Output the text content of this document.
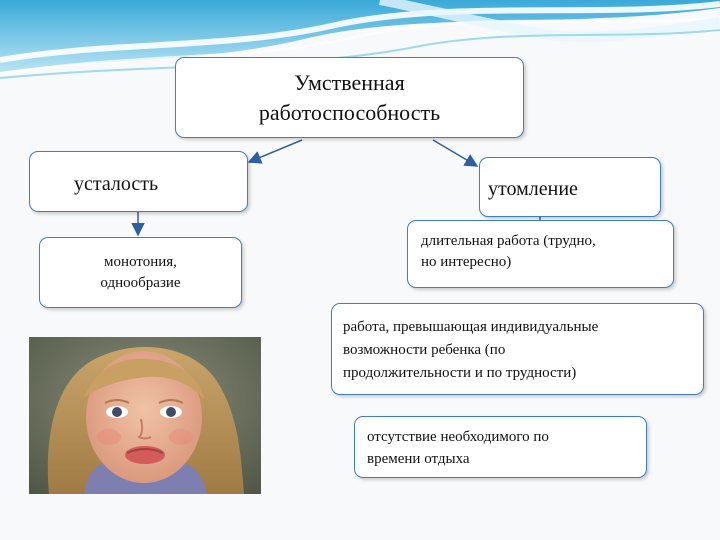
Умственная
работоспособность
усталость	утомление
монотония,
однообразие
длительная работа (трудно,
но интересно)
работа, превышающая индивидуальные
возможности ребенка (по
продолжительности и по трудности)
отсутствие необходимого по
времени отдыха
